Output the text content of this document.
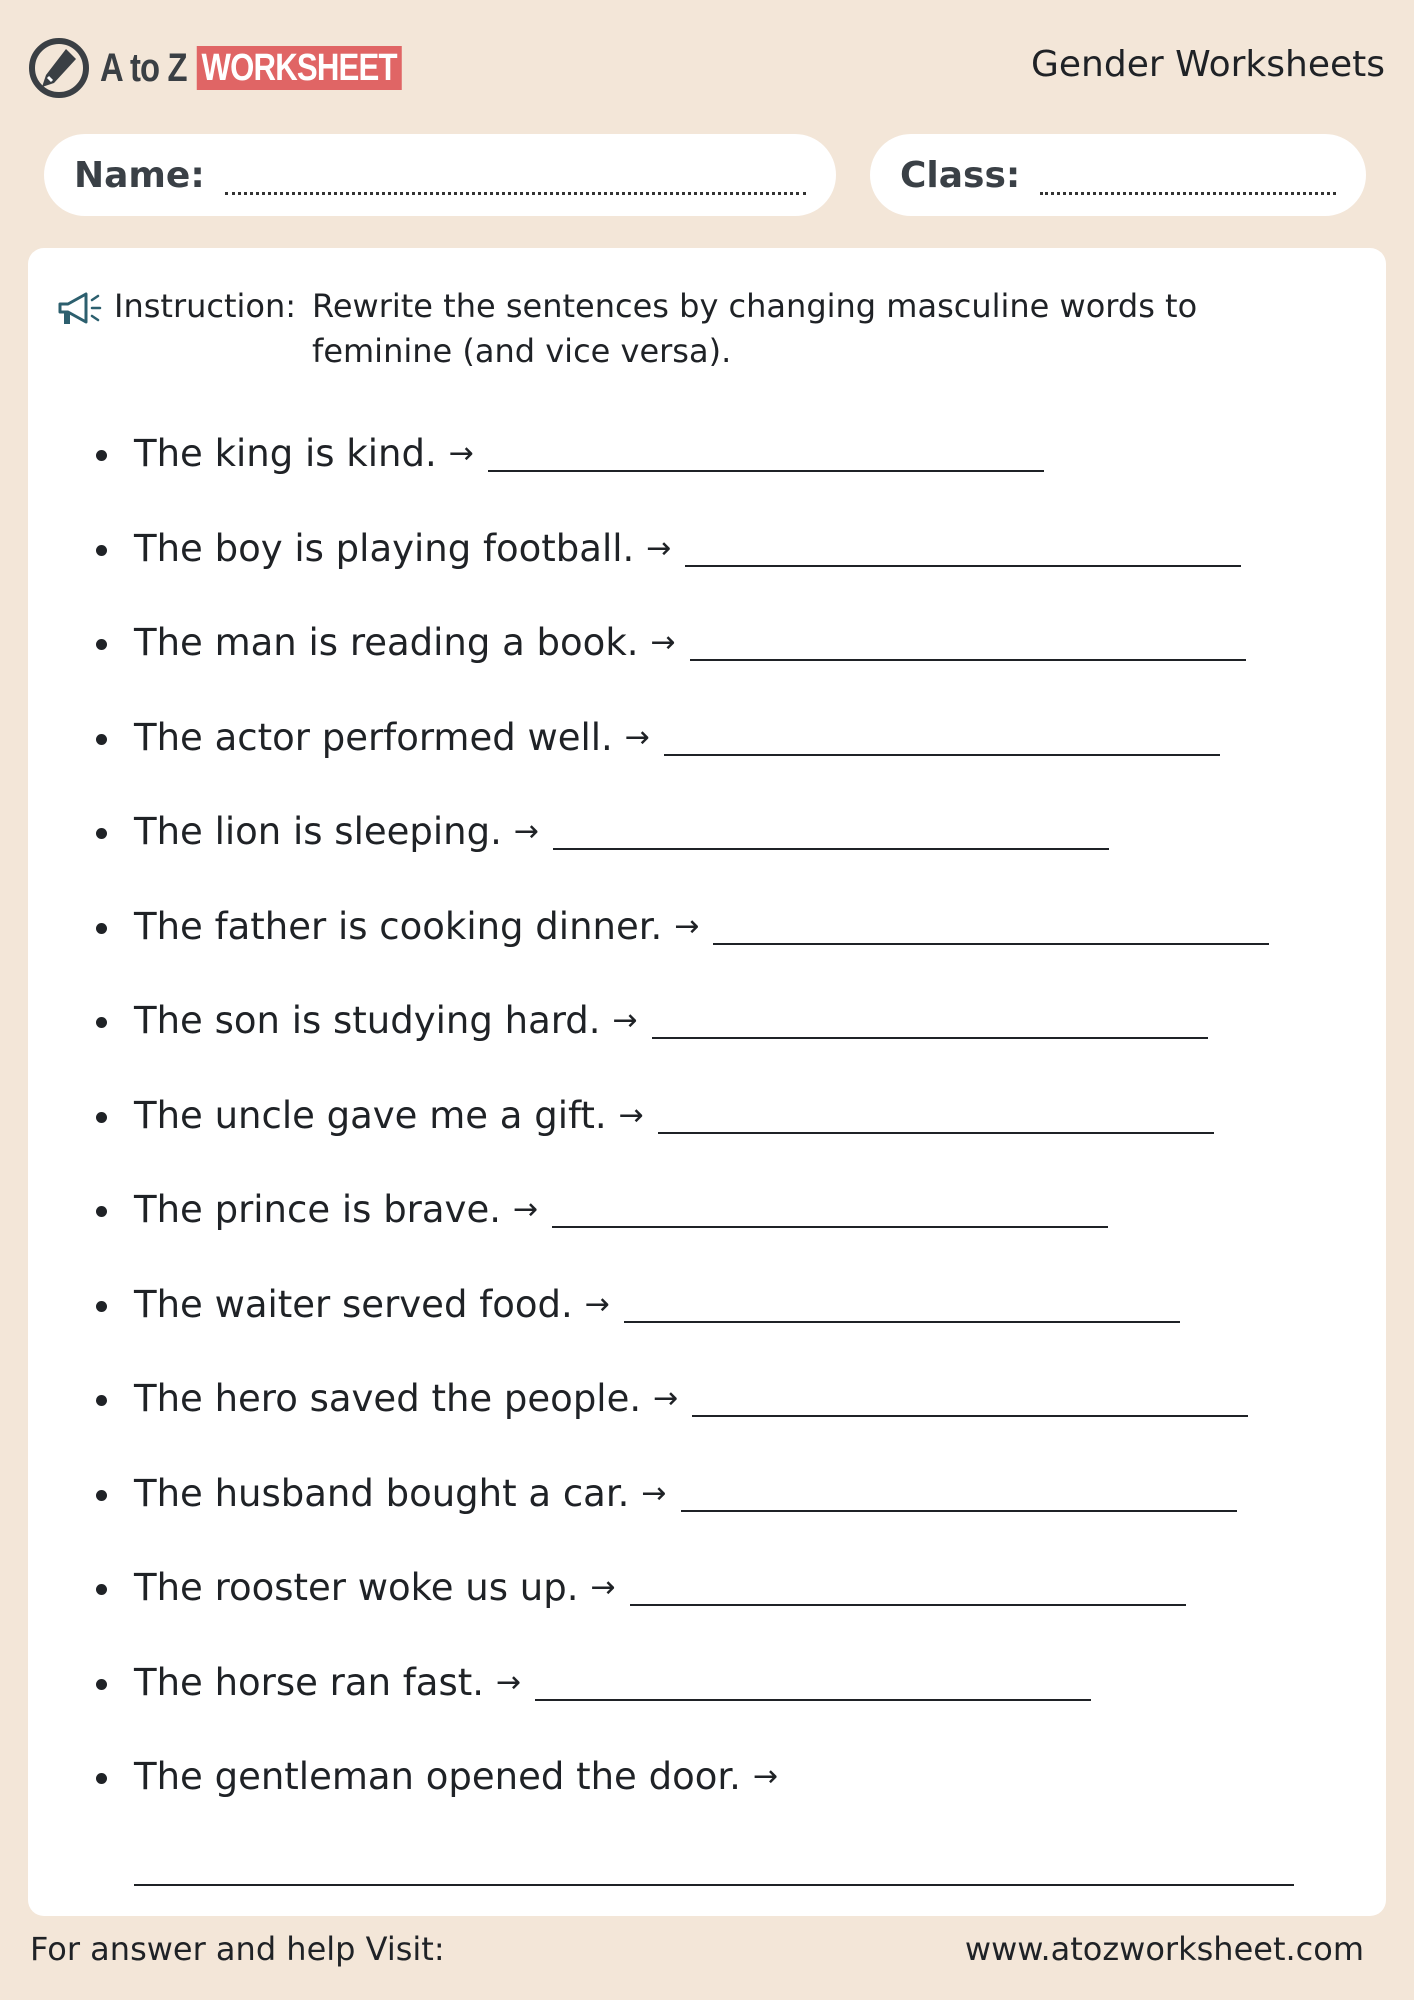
A to Z WORKSHEET	Gender Worksheets
Name:	Class:
Instruction: Rewrite the sentences by changing masculine words to feminine (and vice versa).
The king is kind. →
The boy is playing football. →
The man is reading a book. →
The actor performed well. →
The lion is sleeping. →
The father is cooking dinner. →
The son is studying hard. →
The uncle gave me a gift. →
The prince is brave. →
The waiter served food. →
The hero saved the people. →
The husband bought a car. →
The rooster woke us up. →
The horse ran fast. →
The gentleman opened the door. →
For answer and help Visit:	www.atozworksheet.com
